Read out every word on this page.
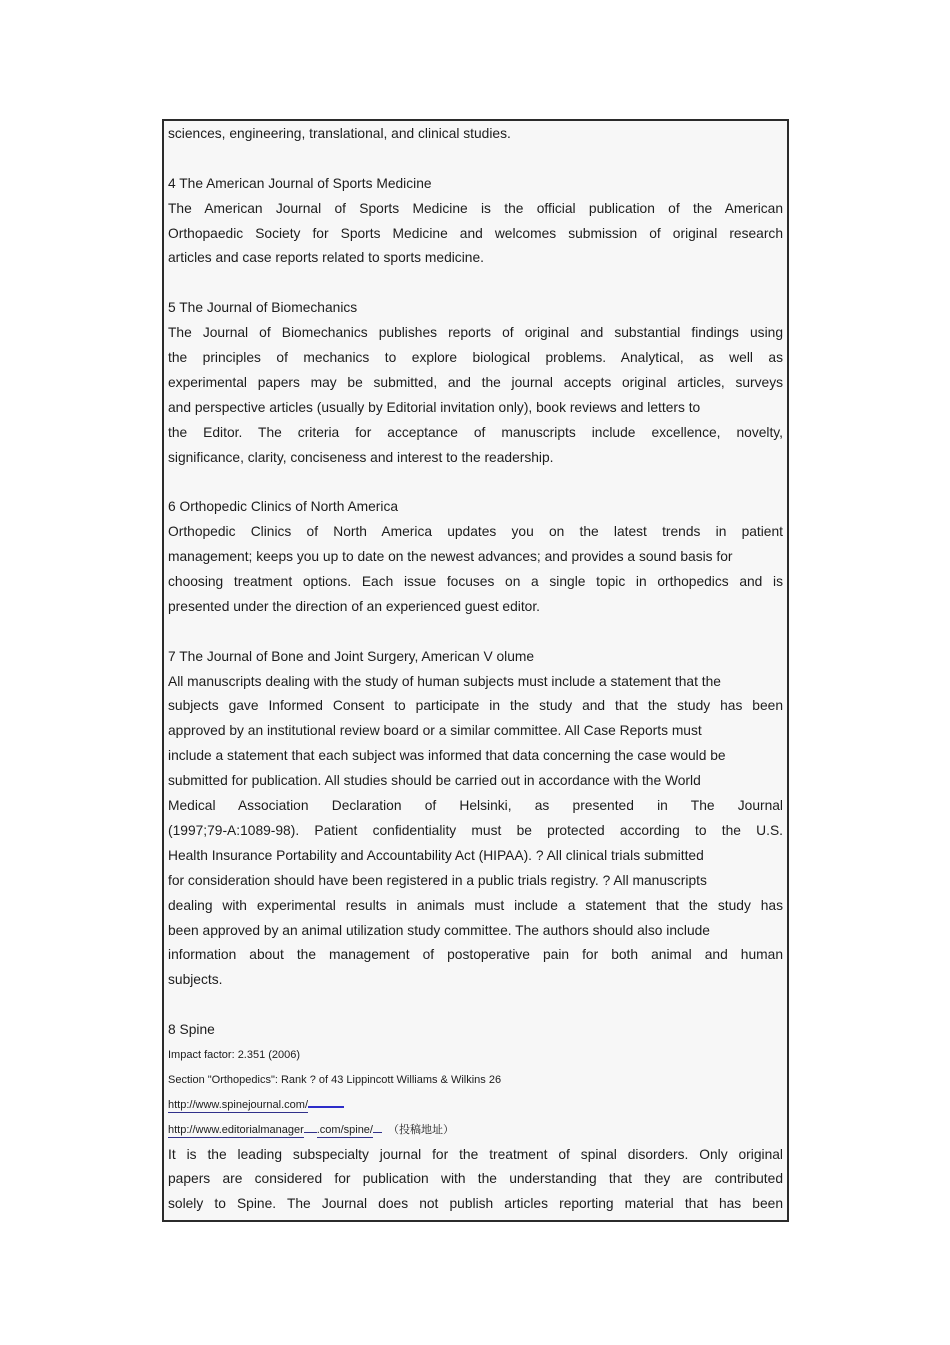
sciences, engineering, translational, and clinical studies.

4 The American Journal of Sports Medicine
The American Journal of Sports Medicine is the official publication of the American
Orthopaedic Society for Sports Medicine and welcomes submission of original research
articles and case reports related to sports medicine.

5 The Journal of Biomechanics
The Journal of Biomechanics publishes reports of original and substantial findings using
the principles of mechanics to explore biological problems. Analytical, as well as
experimental papers may be submitted, and the journal accepts original articles, surveys
and perspective articles (usually by Editorial invitation only), book reviews and letters to
the Editor. The criteria for acceptance of manuscripts include excellence, novelty,
significance, clarity, conciseness and interest to the readership.

6 Orthopedic Clinics of North America
Orthopedic Clinics of North America updates you on the latest trends in patient
management; keeps you up to date on the newest advances; and provides a sound basis for
choosing treatment options. Each issue focuses on a single topic in orthopedics and is
presented under the direction of an experienced guest editor.

7 The Journal of Bone and Joint Surgery, American V olume
All manuscripts dealing with the study of human subjects must include a statement that the
subjects gave Informed Consent to participate in the study and that the study has been
approved by an institutional review board or a similar committee. All Case Reports must
include a statement that each subject was informed that data concerning the case would be
submitted for publication. All studies should be carried out in accordance with the World
Medical Association Declaration of Helsinki, as presented in The Journal
(1997;79-A:1089-98). Patient confidentiality must be protected according to the U.S.
Health Insurance Portability and Accountability Act (HIPAA). ? All clinical trials submitted
for consideration should have been registered in a public trials registry. ? All manuscripts
dealing with experimental results in animals must include a statement that the study has
been approved by an animal utilization study committee. The authors should also include
information about the management of postoperative pain for both animal and human
subjects.

8 Spine
Impact factor: 2.351 (2006)
Section "Orthopedics": Rank ? of 43 Lippincott Williams & Wilkins 26
http://www.spinejournal.com/
http://www.editorialmanager .com/spine/ （投稿地址）
It is the leading subspecialty journal for the treatment of spinal disorders. Only original
papers are considered for publication with the understanding that they are contributed
solely to Spine. The Journal does not publish articles reporting material that has been
